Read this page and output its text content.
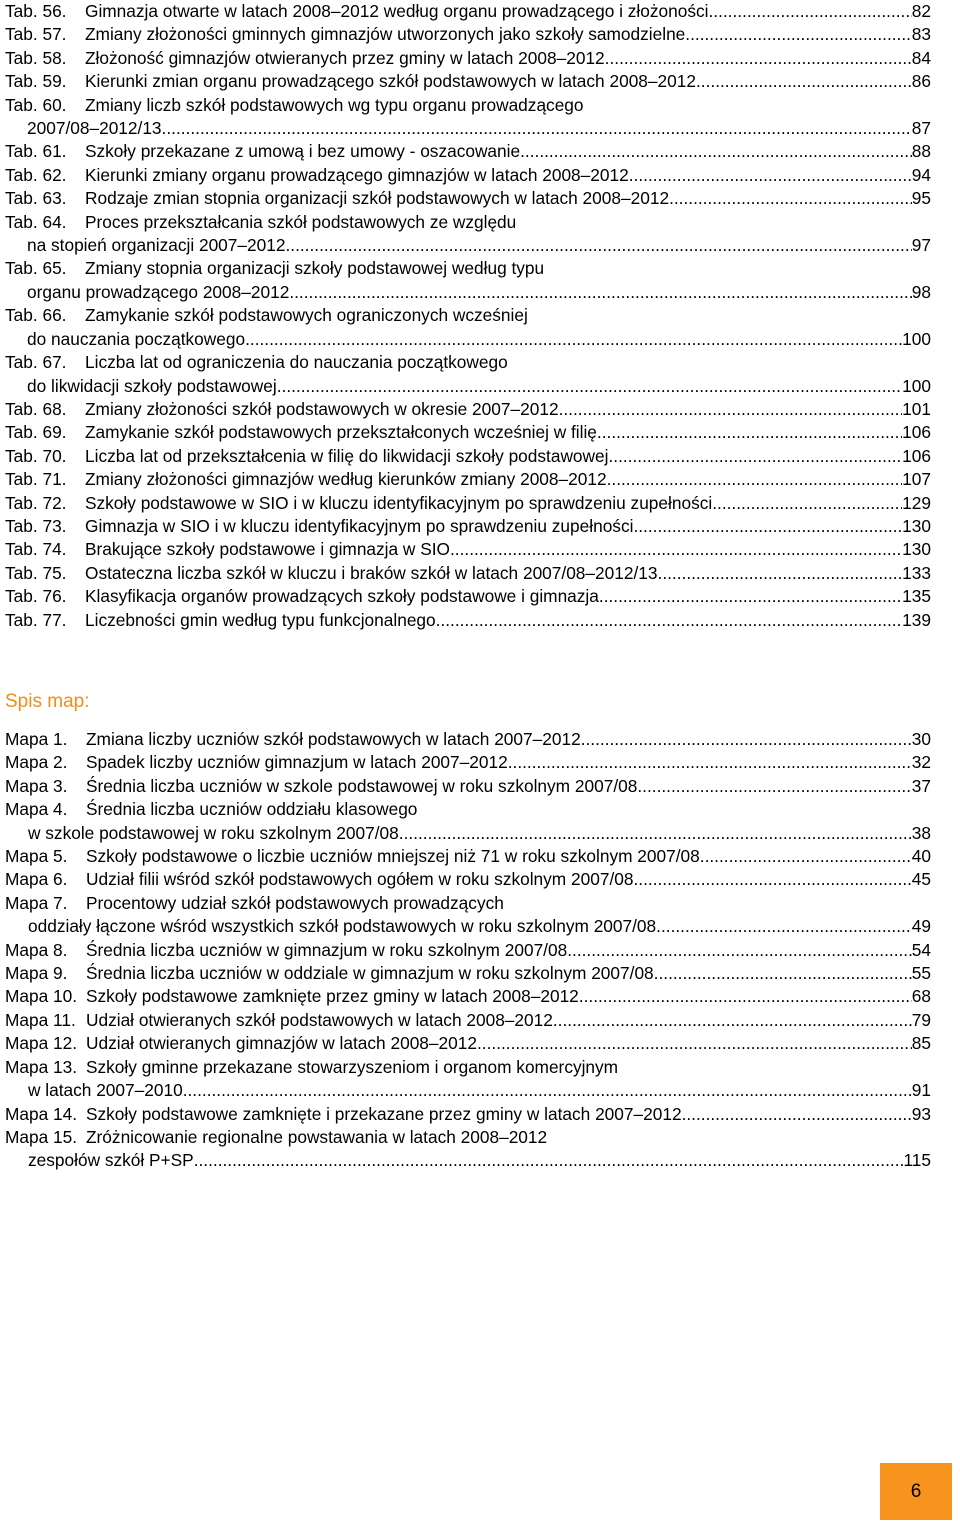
Tab. 56.	Gimnazja otwarte w latach 2008–2012 według organu prowadzącego i złożoności .....	82
Tab. 57.	Zmiany złożoności gminnych gimnazjów utworzonych jako szkoły samodzielne .....	83
Tab. 58.	Złożoność gimnazjów otwieranych przez gminy w latach 2008–2012 .....	84
Tab. 59.	Kierunki zmian organu prowadzącego szkół podstawowych w latach 2008–2012 .....	86
Tab. 60.	Zmiany liczb szkół podstawowych wg typu organu prowadzącego
2007/08–2012/13 .....	87
Tab. 61.	Szkoły przekazane z umową i bez umowy - oszacowanie .....	88
Tab. 62.	Kierunki zmiany organu prowadzącego gimnazjów w latach 2008–2012 .....	94
Tab. 63.	Rodzaje zmian stopnia organizacji szkół podstawowych w latach 2008–2012 .....	95
Tab. 64.	Proces przekształcania szkół podstawowych ze względu
na stopień organizacji 2007–2012 .....	97
Tab. 65.	Zmiany stopnia organizacji szkoły podstawowej według typu
organu prowadzącego 2008–2012 .....	98
Tab. 66.	Zamykanie szkół podstawowych ograniczonych wcześniej
do nauczania początkowego .....	100
Tab. 67.	Liczba lat od ograniczenia do nauczania początkowego
do likwidacji szkoły podstawowej .....	100
Tab. 68.	Zmiany złożoności szkół podstawowych w okresie 2007–2012 .....	101
Tab. 69.	Zamykanie szkół podstawowych przekształconych wcześniej w filię .....	106
Tab. 70.	Liczba lat od przekształcenia w filię do likwidacji szkoły podstawowej .....	106
Tab. 71.	Zmiany złożoności gimnazjów według kierunków zmiany 2008–2012 .....	107
Tab. 72.	Szkoły podstawowe w SIO i w kluczu identyfikacyjnym po sprawdzeniu zupełności .....	129
Tab. 73.	Gimnazja w SIO i w kluczu identyfikacyjnym po sprawdzeniu zupełności .....	130
Tab. 74.	Brakujące szkoły podstawowe i gimnazja w SIO .....	130
Tab. 75.	Ostateczna liczba szkół w kluczu i braków szkół w latach 2007/08–2012/13 .....	133
Tab. 76.	Klasyfikacja organów prowadzących szkoły podstawowe i gimnazja .....	135
Tab. 77.	Liczebności gmin według typu funkcjonalnego .....	139
Spis map:
Mapa 1.	Zmiana liczby uczniów szkół podstawowych w latach 2007–2012 .....	30
Mapa 2.	Spadek liczby uczniów gimnazjum w latach 2007–2012 .....	32
Mapa 3.	Średnia liczba uczniów w szkole podstawowej w roku szkolnym 2007/08 .....	37
Mapa 4.	Średnia liczba uczniów oddziału klasowego
w szkole podstawowej w roku szkolnym 2007/08 .....	38
Mapa 5.	Szkoły podstawowe o liczbie uczniów mniejszej niż 71 w roku szkolnym 2007/08 .....	40
Mapa 6.	Udział filii wśród szkół podstawowych ogółem w roku szkolnym 2007/08 .....	45
Mapa 7.	Procentowy udział szkół podstawowych prowadzących
oddziały łączone wśród wszystkich szkół podstawowych w roku szkolnym 2007/08 .....	49
Mapa 8.	Średnia liczba uczniów w gimnazjum w roku szkolnym 2007/08 .....	54
Mapa 9.	Średnia liczba uczniów w oddziale w gimnazjum w roku szkolnym 2007/08 .....	55
Mapa 10. Szkoły podstawowe zamknięte przez gminy w latach 2008–2012 .....	68
Mapa 11. Udział otwieranych szkół podstawowych w latach 2008–2012 .....	79
Mapa 12. Udział otwieranych gimnazjów w latach 2008–2012 .....	85
Mapa 13. Szkoły gminne przekazane stowarzyszeniom i organom komercyjnym
w latach 2007–2010 .....	91
Mapa 14. Szkoły podstawowe zamknięte i przekazane przez gminy w latach 2007–2012 .....	93
Mapa 15. Zróżnicowanie regionalne powstawania w latach 2008–2012
zespołów szkół P+SP .....	115
6
